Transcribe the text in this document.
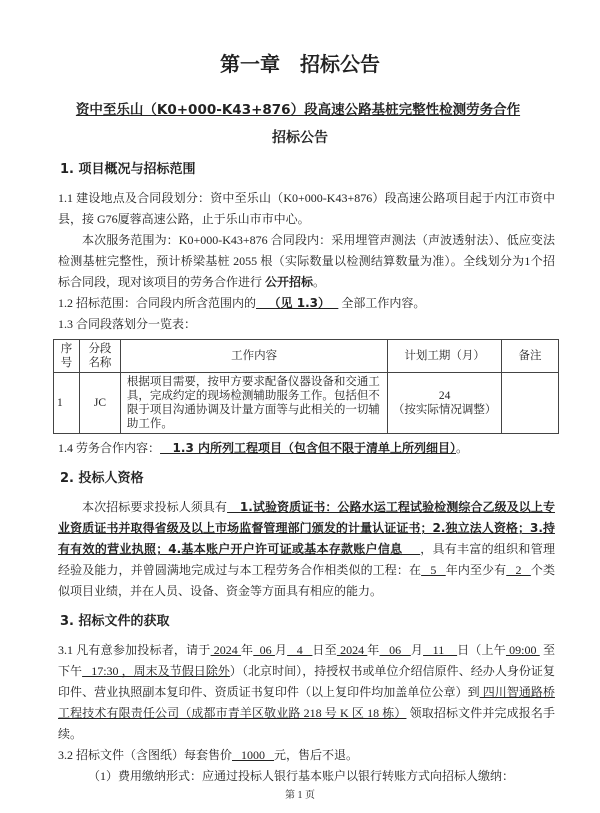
第一章　招标公告
资中至乐山（K0+000-K43+876）段高速公路基桩完整性检测劳务合作
招标公告
1. 项目概况与招标范围

1.1 建设地点及合同段划分：资中至乐山（K0+000-K43+876）段高速公路项目起于内江市资中县，接 G76厦蓉高速公路，止于乐山市市中心。

本次服务范围为：K0+000-K43+876 合同段内：采用埋管声测法（声波透射法）、低应变法检测基桩完整性，预计桥梁基桩 2055 根（实际数量以检测结算数量为准）。全线划分为1个招标合同段，现对该项目的劳务合作进行 公开招标。

1.2 招标范围：合同段内所含范围内的   （见 1.3）   全部工作内容。

1.3 合同段落划分一览表：

序号	分段名称	工作内容	计划工期（月）	备注
1	JC	根据项目需要，按甲方要求配备仪器设备和交通工具，完成约定的现场检测辅助服务工作。包括但不限于项目沟通协调及计量方面等与此相关的一切辅助工作。	24
（按实际情况调整）	

1.4 劳务合作内容：   1.3 内所列工程项目（包含但不限于清单上所列细目）。

2. 投标人资格

本次招标要求投标人须具有   1.试验资质证书：公路水运工程试验检测综合乙级及以上专业资质证书并取得省级及以上市场监督管理部门颁发的计量认证证书；2.独立法人资格；3.持有有效的营业执照；4.基本账户开户许可证或基本存款账户信息    ，具有丰富的组织和管理经验及能力，并曾圆满地完成过与本工程劳务合作相类似的工程：在   5   年内至少有   2   个类似项目业绩，并在人员、设备、资金等方面具有相应的能力。

3. 招标文件的获取

3.1 凡有意参加投标者，请于 2024 年  06 月   4   日至 2024 年   06   月   11    日（上午 09:00  至下午   17:30 ，周末及节假日除外）（北京时间），持授权书或单位介绍信原件、经办人身份证复印件、营业执照副本复印件、资质证书复印件（以上复印件均加盖单位公章）到 四川智通路桥工程技术有限责任公司（成都市青羊区敬业路 218 号 K 区 18 栋） 领取招标文件并完成报名手续。

3.2 招标文件（含图纸）每套售价   1000   元，售后不退。

（1）费用缴纳形式：应通过投标人银行基本账户以银行转账方式向招标人缴纳：

第 1 页
